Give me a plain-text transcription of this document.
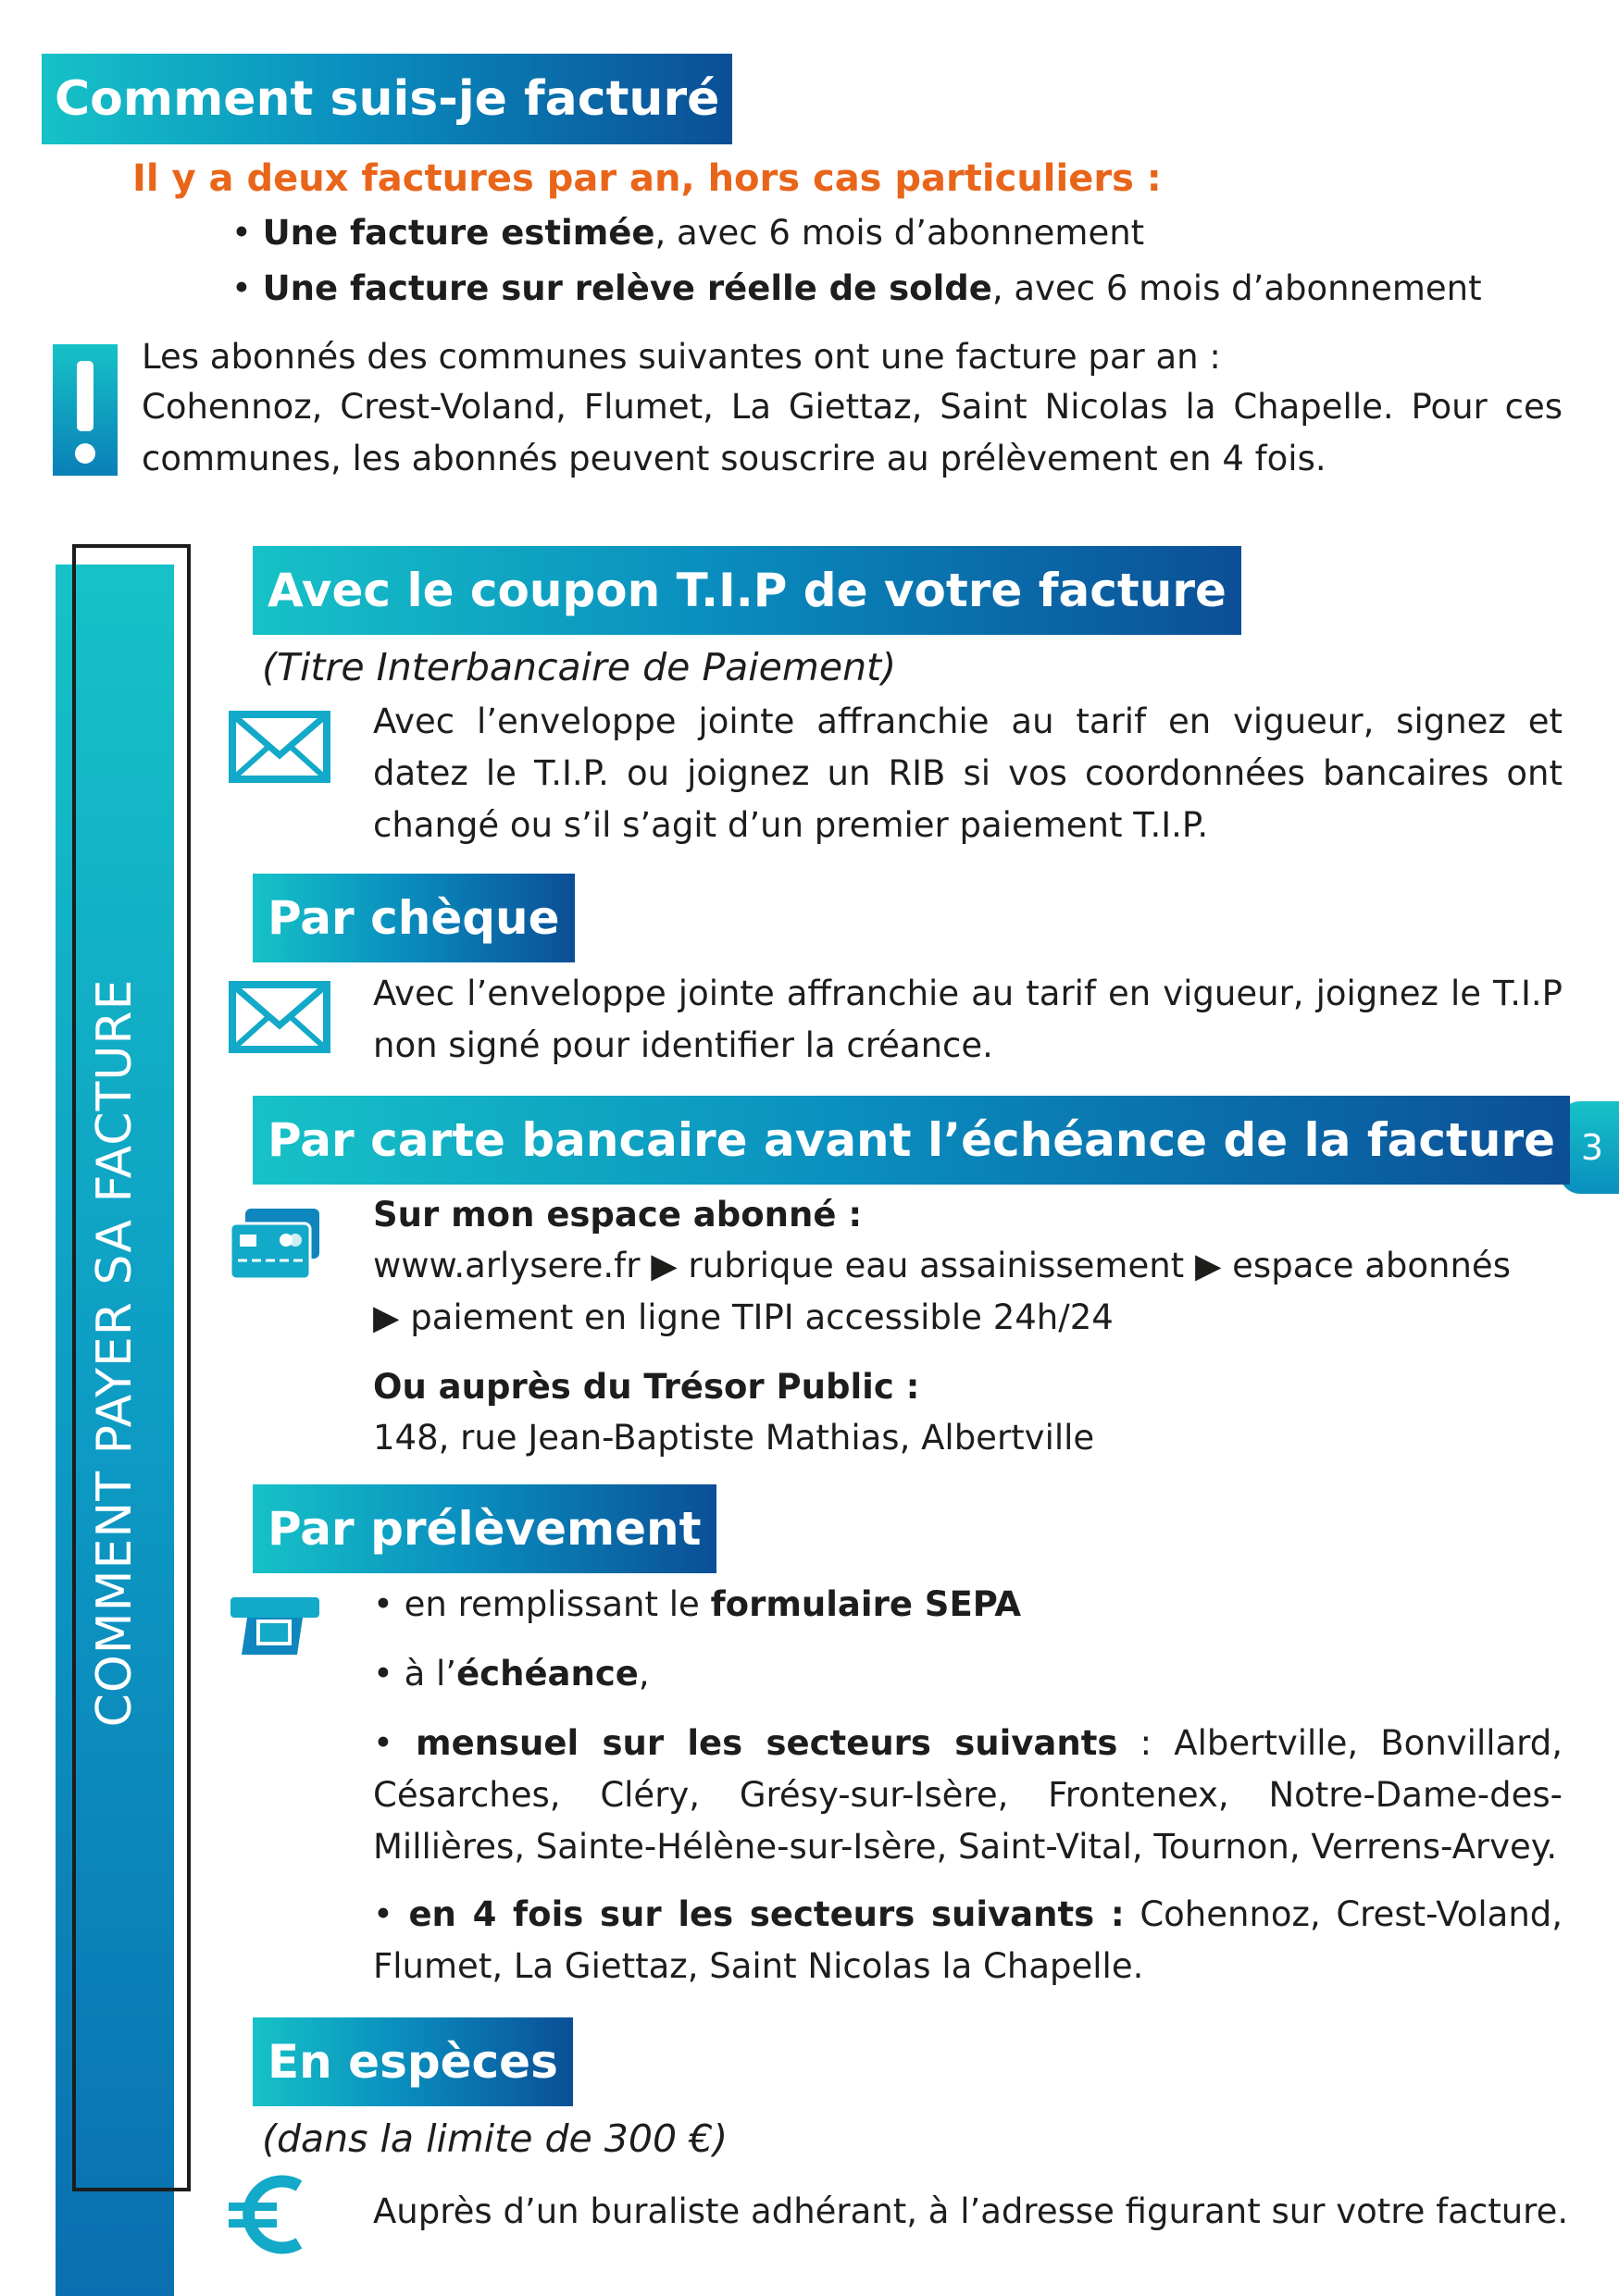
Comment suis-je facturé
Il y a deux factures par an, hors cas particuliers :
• Une facture estimée, avec 6 mois d’abonnement
• Une facture sur relève réelle de solde, avec 6 mois d’abonnement
Les abonnés des communes suivantes ont une facture par an :
Cohennoz, Crest-Voland, Flumet, La Giettaz, Saint Nicolas la Chapelle. Pour ces communes, les abonnés peuvent souscrire au prélèvement en 4 fois.
COMMENT PAYER SA FACTURE	3
Avec le coupon T.I.P de votre facture
(Titre Interbancaire de Paiement)
Avec l’enveloppe jointe affranchie au tarif en vigueur, signez et datez le T.I.P. ou joignez un RIB si vos coordonnées bancaires ont changé ou s’il s’agit d’un premier paiement T.I.P.
Par chèque
Avec l’enveloppe jointe affranchie au tarif en vigueur, joignez le T.I.P non signé pour identifier la créance.
Par carte bancaire avant l’échéance de la facture
Sur mon espace abonné :
www.arlysere.fr ▶ rubrique eau assainissement ▶ espace abonnés
▶ paiement en ligne TIPI accessible 24h/24
Ou auprès du Trésor Public :
148, rue Jean-Baptiste Mathias, Albertville
Par prélèvement
• en remplissant le formulaire SEPA
• à l’échéance,
• mensuel sur les secteurs suivants : Albertville, Bonvillard, Césarches, Cléry, Grésy-sur-Isère, Frontenex, Notre-Dame-des-Millières, Sainte-Hélène-sur-Isère, Saint-Vital, Tournon, Verrens-Arvey.
• en 4 fois sur les secteurs suivants : Cohennoz, Crest-Voland, Flumet, La Giettaz, Saint Nicolas la Chapelle.
En espèces
(dans la limite de 300 €)
Auprès d’un buraliste adhérant, à l’adresse figurant sur votre facture.
